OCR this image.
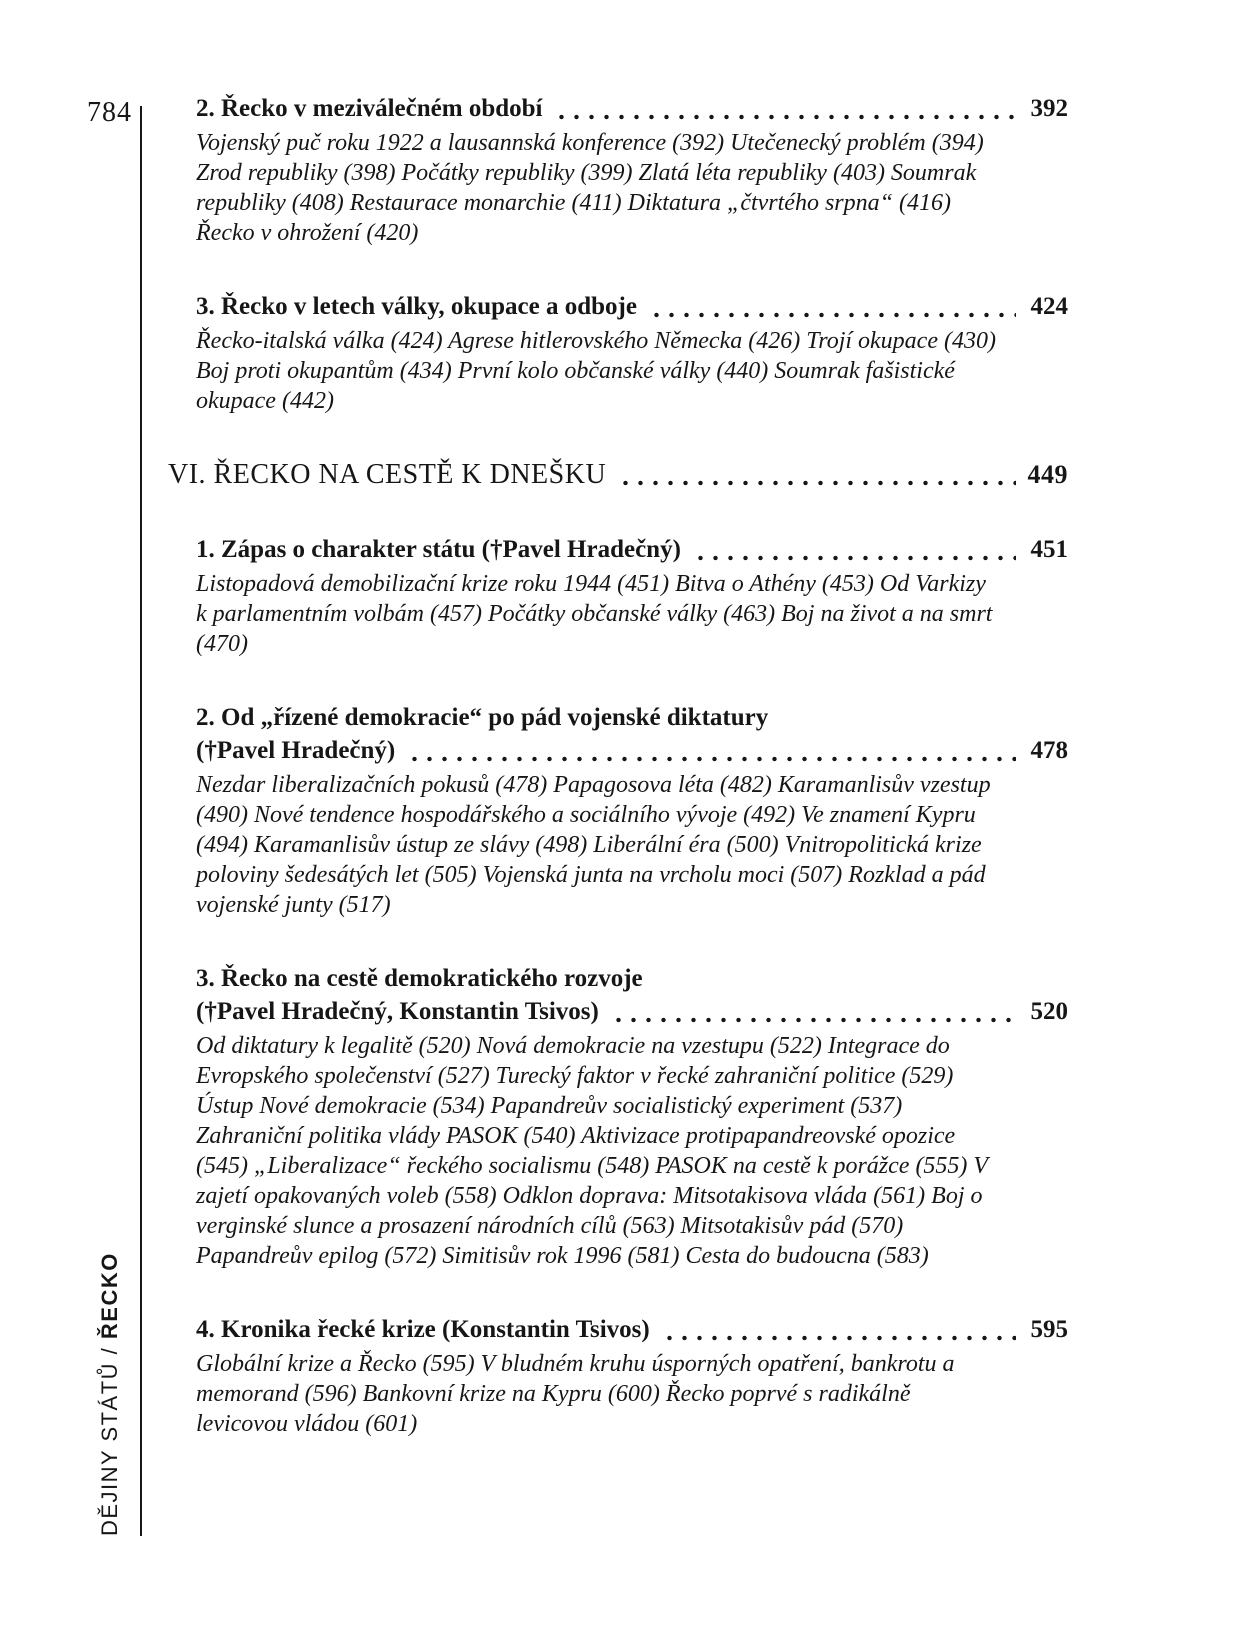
784
DĚJINY STÁTŮ / ŘECKO
2. Řecko v meziválečném období	392

Vojenský puč roku 1922 a lausannská konference (392) Utečenecký problém (394) Zrod republiky (398) Počátky republiky (399) Zlatá léta republiky (403) Soumrak republiky (408) Restaurace monarchie (411) Diktatura „čtvrtého srpna“ (416) Řecko v ohrožení (420)

3. Řecko v letech války, okupace a odboje	424

Řecko-italská válka (424) Agrese hitlerovského Německa (426) Trojí okupace (430) Boj proti okupantům (434) První kolo občanské války (440) Soumrak fašistické okupace (442)

VI. ŘECKO NA CESTĚ K DNEŠKU	449
1. Zápas o charakter státu (†Pavel Hradečný)	451

Listopadová demobilizační krize roku 1944 (451) Bitva o Athény (453) Od Varkizy k parlamentním volbám (457) Počátky občanské války (463) Boj na život a na smrt (470)

2. Od „řízené demokracie“ po pád vojenské diktatury
(†Pavel Hradečný)	478

Nezdar liberalizačních pokusů (478) Papagosova léta (482) Karamanlisův vzestup (490) Nové tendence hospodářského a sociálního vývoje (492) Ve znamení Kypru (494) Karamanlisův ústup ze slávy (498) Liberální éra (500) Vnitropolitická krize poloviny šedesátých let (505) Vojenská junta na vrcholu moci (507) Rozklad a pád vojenské junty (517)

3. Řecko na cestě demokratického rozvoje
(†Pavel Hradečný, Konstantin Tsivos)	520

Od diktatury k legalitě (520) Nová demokracie na vzestupu (522) Integrace do Evropského společenství (527) Turecký faktor v řecké zahraniční politice (529) Ústup Nové demokracie (534) Papandreův socialistický experiment (537) Zahraniční politika vlády PASOK (540) Aktivizace protipapandreovské opozice (545) „Liberalizace“ řeckého socialismu (548) PASOK na cestě k porážce (555) V zajetí opakovaných voleb (558) Odklon doprava: Mitsotakisova vláda (561) Boj o verginské slunce a prosazení národních cílů (563) Mitsotakisův pád (570) Papandreův epilog (572) Simitisův rok 1996 (581) Cesta do budoucna (583)

4. Kronika řecké krize (Konstantin Tsivos)	595

Globální krize a Řecko (595) V bludném kruhu úsporných opatření, bankrotu a memorand (596) Bankovní krize na Kypru (600) Řecko poprvé s radikálně levicovou vládou (601)
